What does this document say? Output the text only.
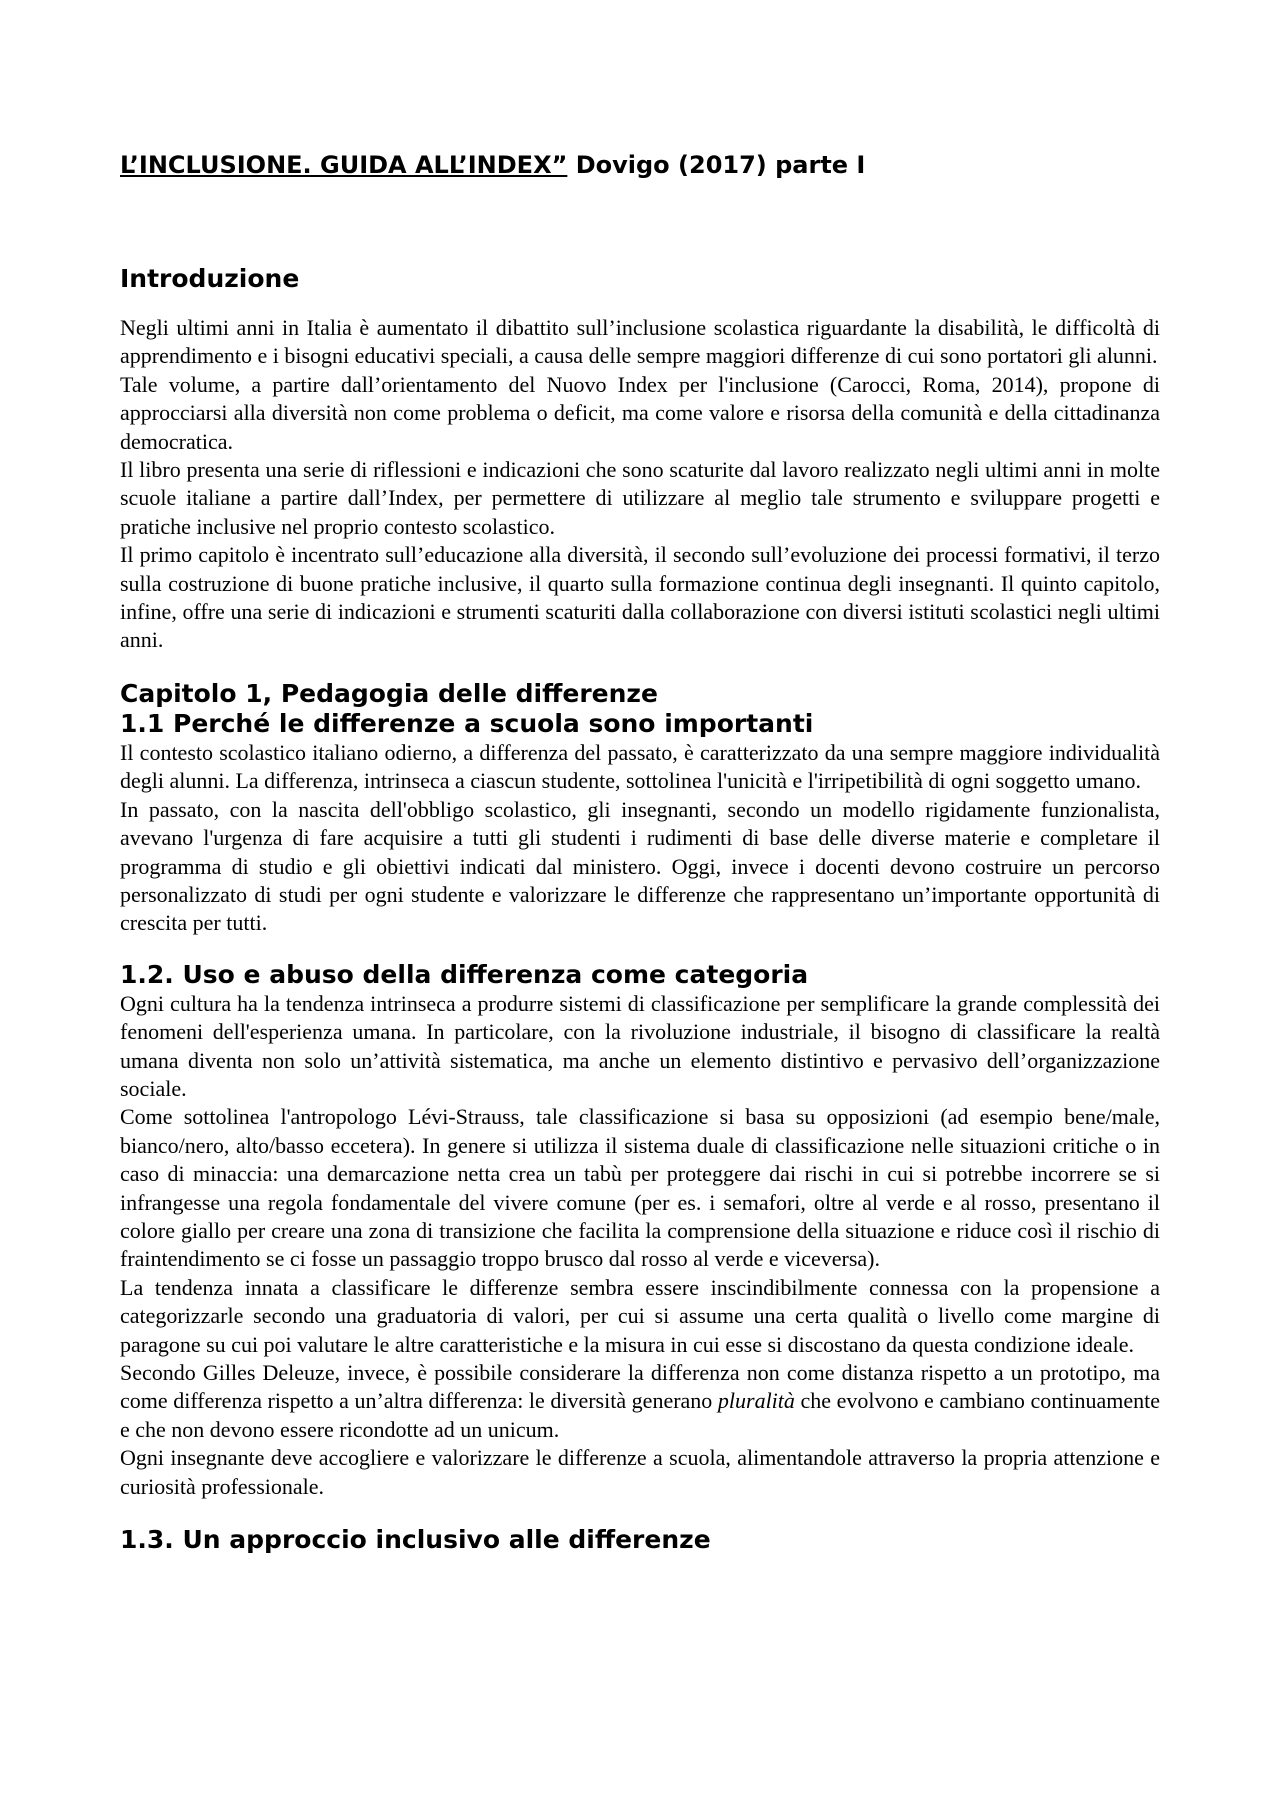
L’INCLUSIONE. GUIDA ALL’INDEX” Dovigo (2017) parte I
Introduzione

Negli ultimi anni in Italia è aumentato il dibattito sull’inclusione scolastica riguardante la disabilità, le difficoltà di apprendimento e i bisogni educativi speciali, a causa delle sempre maggiori differenze di cui sono portatori gli alunni.

Tale volume, a partire dall’orientamento del Nuovo Index per l'inclusione (Carocci, Roma, 2014), propone di approcciarsi alla diversità non come problema o deficit, ma come valore e risorsa della comunità e della cittadinanza democratica.

Il libro presenta una serie di riflessioni e indicazioni che sono scaturite dal lavoro realizzato negli ultimi anni in molte scuole italiane a partire dall’Index, per permettere di utilizzare al meglio tale strumento e sviluppare progetti e pratiche inclusive nel proprio contesto scolastico.

Il primo capitolo è incentrato sull’educazione alla diversità, il secondo sull’evoluzione dei processi formativi, il terzo sulla costruzione di buone pratiche inclusive, il quarto sulla formazione continua degli insegnanti. Il quinto capitolo, infine, offre una serie di indicazioni e strumenti scaturiti dalla collaborazione con diversi istituti scolastici negli ultimi anni.

Capitolo 1, Pedagogia delle differenze
1.1 Perché le differenze a scuola sono importanti

Il contesto scolastico italiano odierno, a differenza del passato, è caratterizzato da una sempre maggiore individualità degli alunni. La differenza, intrinseca a ciascun studente, sottolinea l'unicità e l'irripetibilità di ogni soggetto umano.

In passato, con la nascita dell'obbligo scolastico, gli insegnanti, secondo un modello rigidamente funzionalista, avevano l'urgenza di fare acquisire a tutti gli studenti i rudimenti di base delle diverse materie e completare il programma di studio e gli obiettivi indicati dal ministero. Oggi, invece i docenti devono costruire un percorso personalizzato di studi per ogni studente e valorizzare le differenze che rappresentano un’importante opportunità di crescita per tutti.

1.2. Uso e abuso della differenza come categoria

Ogni cultura ha la tendenza intrinseca a produrre sistemi di classificazione per semplificare la grande complessità dei fenomeni dell'esperienza umana. In particolare, con la rivoluzione industriale, il bisogno di classificare la realtà umana diventa non solo un’attività sistematica, ma anche un elemento distintivo e pervasivo dell’organizzazione sociale.

Come sottolinea l'antropologo Lévi-Strauss, tale classificazione si basa su opposizioni (ad esempio bene/male, bianco/nero, alto/basso eccetera). In genere si utilizza il sistema duale di classificazione nelle situazioni critiche o in caso di minaccia: una demarcazione netta crea un tabù per proteggere dai rischi in cui si potrebbe incorrere se si infrangesse una regola fondamentale del vivere comune (per es. i semafori, oltre al verde e al rosso, presentano il colore giallo per creare una zona di transizione che facilita la comprensione della situazione e riduce così il rischio di fraintendimento se ci fosse un passaggio troppo brusco dal rosso al verde e viceversa).

La tendenza innata a classificare le differenze sembra essere inscindibilmente connessa con la propensione a categorizzarle secondo una graduatoria di valori, per cui si assume una certa qualità o livello come margine di paragone su cui poi valutare le altre caratteristiche e la misura in cui esse si discostano da questa condizione ideale.

Secondo Gilles Deleuze, invece, è possibile considerare la differenza non come distanza rispetto a un prototipo, ma come differenza rispetto a un’altra differenza: le diversità generano pluralità che evolvono e cambiano continuamente e che non devono essere ricondotte ad un unicum.

Ogni insegnante deve accogliere e valorizzare le differenze a scuola, alimentandole attraverso la propria attenzione e curiosità professionale.

1.3. Un approccio inclusivo alle differenze
